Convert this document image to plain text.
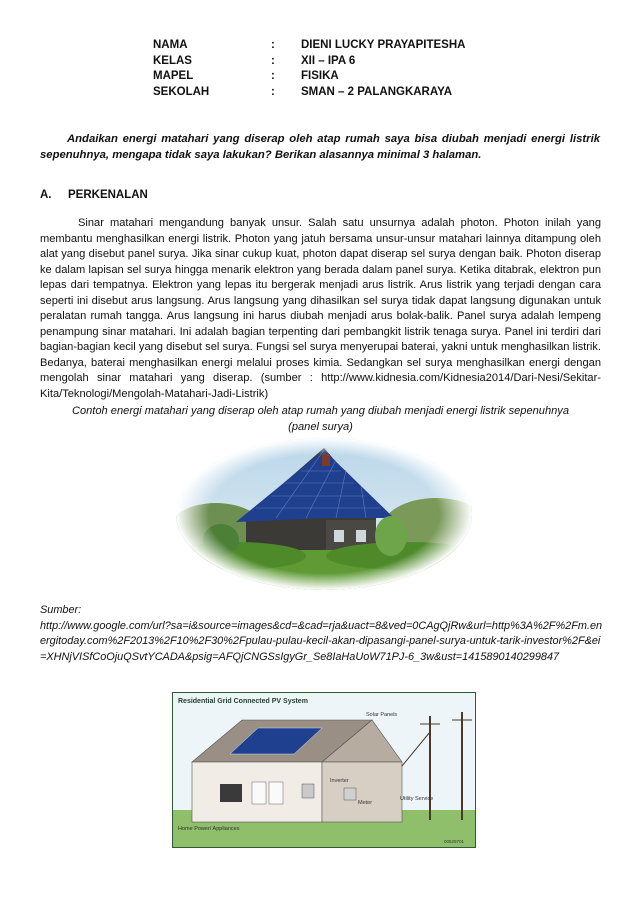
NAMA	:	DIENI LUCKY PRAYAPITESHA
KELAS	:	XII – IPA 6
MAPEL	:	FISIKA
SEKOLAH	:	SMAN – 2 PALANGKARAYA
Andaikan energi matahari yang diserap oleh atap rumah saya bisa diubah menjadi energi listrik sepenuhnya, mengapa tidak saya lakukan? Berikan alasannya minimal 3 halaman.
A. PERKENALAN

Sinar matahari mengandung banyak unsur. Salah satu unsurnya adalah photon. Photon inilah yang membantu menghasilkan energi listrik. Photon yang jatuh bersama unsur-unsur matahari lainnya ditampung oleh alat yang disebut panel surya. Jika sinar cukup kuat, photon dapat diserap sel surya dengan baik. Photon diserap ke dalam lapisan sel surya hingga menarik elektron yang berada dalam panel surya. Ketika ditabrak, elektron pun lepas dari tempatnya. Elektron yang lepas itu bergerak menjadi arus listrik. Arus listrik yang terjadi dengan cara seperti ini disebut arus langsung. Arus langsung yang dihasilkan sel surya tidak dapat langsung digunakan untuk peralatan rumah tangga. Arus langsung ini harus diubah menjadi arus bolak-balik. Panel surya adalah lempeng penampung sinar matahari. Ini adalah bagian terpenting dari pembangkit listrik tenaga surya. Panel ini terdiri dari bagian-bagian kecil yang disebut sel surya. Fungsi sel surya menyerupai baterai, yakni untuk menghasilkan listrik. Bedanya, baterai menghasilkan energi melalui proses kimia. Sedangkan sel surya menghasilkan energi dengan mengolah sinar matahari yang diserap. (sumber : http://www.kidnesia.com/Kidnesia2014/Dari-Nesi/Sekitar-Kita/Teknologi/Mengolah-Matahari-Jadi-Listrik)

Contoh energi matahari yang diserap oleh atap rumah yang diubah menjadi energi listrik sepenuhnya
(panel surya)
Sumber:
http://www.google.com/url?sa=i&source=images&cd=&cad=rja&uact=8&ved=0CAgQjRw&url=http%3A%2F%2Fm.energitoday.com%2F2013%2F10%2F30%2Fpulau-pulau-kecil-akan-dipasangi-panel-surya-untuk-tarik-investor%2F&ei=XHNjVISfCoOjuQSvtYCADA&psig=AFQjCNGSsIgyGr_Se8IaHaUoW71PJ-6_3w&ust=1415890140299847
Residential Grid Connected PV System
Solar Panels
Inverter
Meter
Utility Service
Home Power/ Appliances
00529701
